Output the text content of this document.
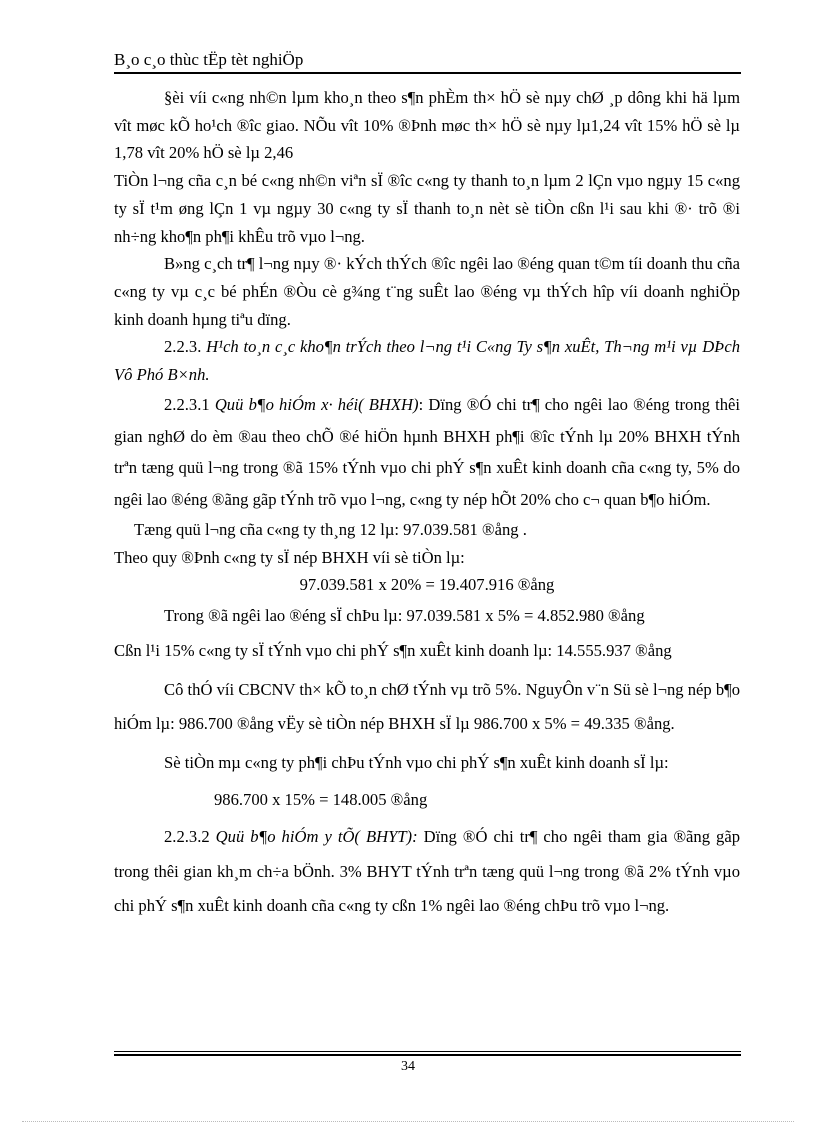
B¸o c¸o thùc tËp tèt nghiÖp

§èi víi c«ng nh©n lµm kho¸n theo s¶n phÈm th× hÖ sè nµy chØ ¸p dông khi hä lµm vît møc kÕ ho¹ch ®îc giao. NÕu vît 10% ®Þnh møc th× hÖ sè nµy lµ1,24 vît 15% hÖ sè lµ 1,78 vît 20% hÖ sè lµ 2,46

TiÒn l¬ng cña c¸n bé c«ng nh©n viªn sÏ ®îc c«ng ty thanh to¸n lµm 2 lÇn vµo ngµy 15 c«ng ty sÏ t¹m øng lÇn 1 vµ ngµy 30 c«ng ty sÏ thanh to¸n nèt sè tiÒn cßn l¹i sau khi ®· trõ ®i nh÷ng kho¶n ph¶i khÊu trõ vµo l¬ng.

B»ng c¸ch tr¶ l¬ng nµy ®· kÝch thÝch ®îc ngêi lao ®éng quan t©m tíi doanh thu cña c«ng ty vµ c¸c bé phÉn ®Òu cè g¾ng t¨ng suÊt lao ®éng vµ thÝch hîp víi doanh nghiÖp kinh doanh hµng tiªu dïng.

2.2.3. H¹ch to¸n c¸c kho¶n trÝch theo l¬ng t¹i C«ng Ty s¶n xuÊt, Th¬ng m¹i vµ DÞch Vô Phó B×nh.

2.2.3.1 Quü b¶o hiÓm x· héi( BHXH): Dïng ®Ó chi tr¶ cho ngêi lao ®éng trong thêi gian nghØ do èm ®au theo chÕ ®é hiÖn hµnh BHXH ph¶i ®îc tÝnh lµ 20% BHXH tÝnh trªn tæng quü l¬ng trong ®ã 15% tÝnh vµo chi phÝ s¶n xuÊt kinh doanh cña c«ng ty, 5% do ngêi lao ®éng ®ãng gãp tÝnh trõ vµo l¬ng, c«ng ty nép hÕt 20% cho c¬ quan b¶o hiÓm.

Tæng quü l¬ng cña c«ng ty th¸ng 12 lµ: 97.039.581 ®ång .

Theo quy ®Þnh c«ng ty sÏ nép BHXH víi sè tiÒn lµ:

97.039.581 x 20% = 19.407.916 ®ång

Trong ®ã ngêi lao ®éng sÏ chÞu lµ: 97.039.581 x 5% = 4.852.980 ®ång

Cßn l¹i 15% c«ng ty sÏ tÝnh vµo chi phÝ s¶n xuÊt kinh doanh lµ: 14.555.937 ®ång

Cô thÓ víi CBCNV th× kÕ to¸n chØ tÝnh vµ trõ 5%. NguyÔn v¨n Sü sè l¬ng nép b¶o hiÓm lµ: 986.700 ®ång vËy sè tiÒn nép BHXH sÏ lµ 986.700 x 5% = 49.335 ®ång.

Sè tiÒn mµ c«ng ty ph¶i chÞu tÝnh vµo chi phÝ s¶n xuÊt kinh doanh sÏ lµ:

986.700 x 15% = 148.005 ®ång

2.2.3.2 Quü b¶o hiÓm y tÕ( BHYT): Dïng ®Ó chi tr¶ cho ngêi tham gia ®ãng gãp trong thêi gian kh¸m ch÷a bÖnh. 3% BHYT tÝnh trªn tæng quü l¬ng trong ®ã 2% tÝnh vµo chi phÝ s¶n xuÊt kinh doanh cña c«ng ty cßn 1% ngêi lao ®éng chÞu trõ vµo l¬ng.

34
